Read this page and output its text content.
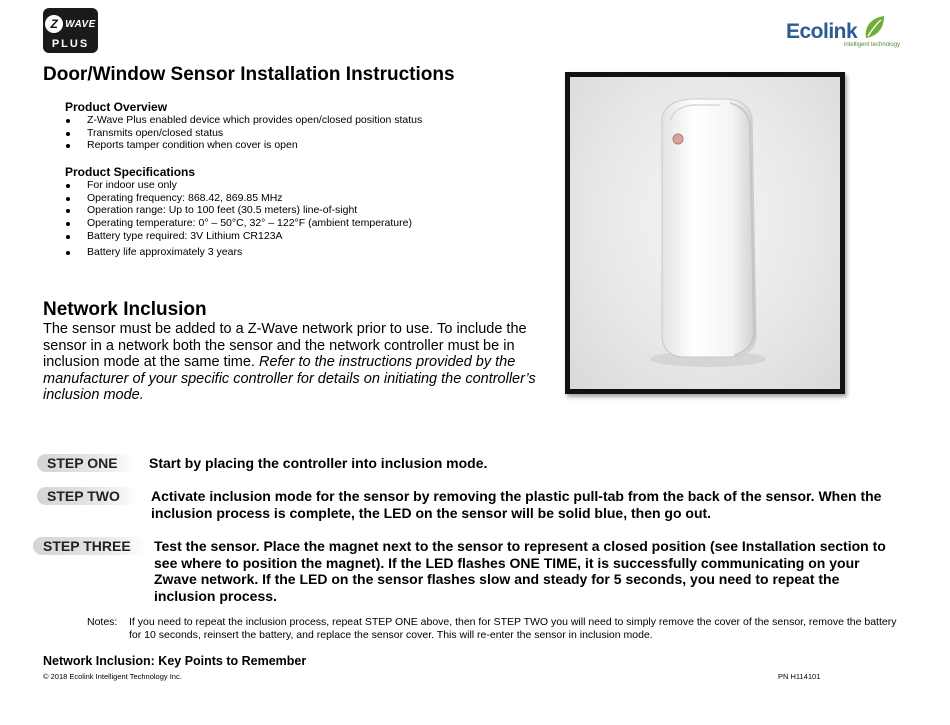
Z WAVE
PLUS
Ecolink
intelligent technology
Door/Window Sensor Installation Instructions
Product Overview
Z-Wave Plus enabled device which provides open/closed position status
Transmits open/closed status
Reports tamper condition when cover is open
Product Specifications
For indoor use only
Operating frequency: 868.42, 869.85 MHz
Operation range: Up to 100 feet (30.5 meters) line-of-sight
Operating temperature: 0° – 50°C, 32° – 122°F (ambient temperature)
Battery type required: 3V Lithium CR123A
Battery life approximately 3 years
Network Inclusion
The sensor must be added to a Z-Wave network prior to use. To include the sensor in a network both the sensor and the network controller must be in inclusion mode at the same time. Refer to the instructions provided by the manufacturer of your specific controller for details on initiating the controller’s inclusion mode.
STEP ONE	Start by placing the controller into inclusion mode.
STEP TWO	Activate inclusion mode for the sensor by removing the plastic pull-tab from the back of the sensor. When the inclusion process is complete, the LED on the sensor will be solid blue, then go out.
STEP THREE	Test the sensor. Place the magnet next to the sensor to represent a closed position (see Installation section to see where to position the magnet). If the LED flashes ONE TIME, it is successfully communicating on your Zwave network. If the LED on the sensor flashes slow and steady for 5 seconds, you need to repeat the inclusion process.
Notes: If you need to repeat the inclusion process, repeat STEP ONE above, then for STEP TWO you will need to simply remove the cover of the sensor, remove the battery for 10 seconds, reinsert the battery, and replace the sensor cover. This will re-enter the sensor in inclusion mode.
Network Inclusion: Key Points to Remember
© 2018 Ecolink Intelligent Technology Inc.	PN H114101
